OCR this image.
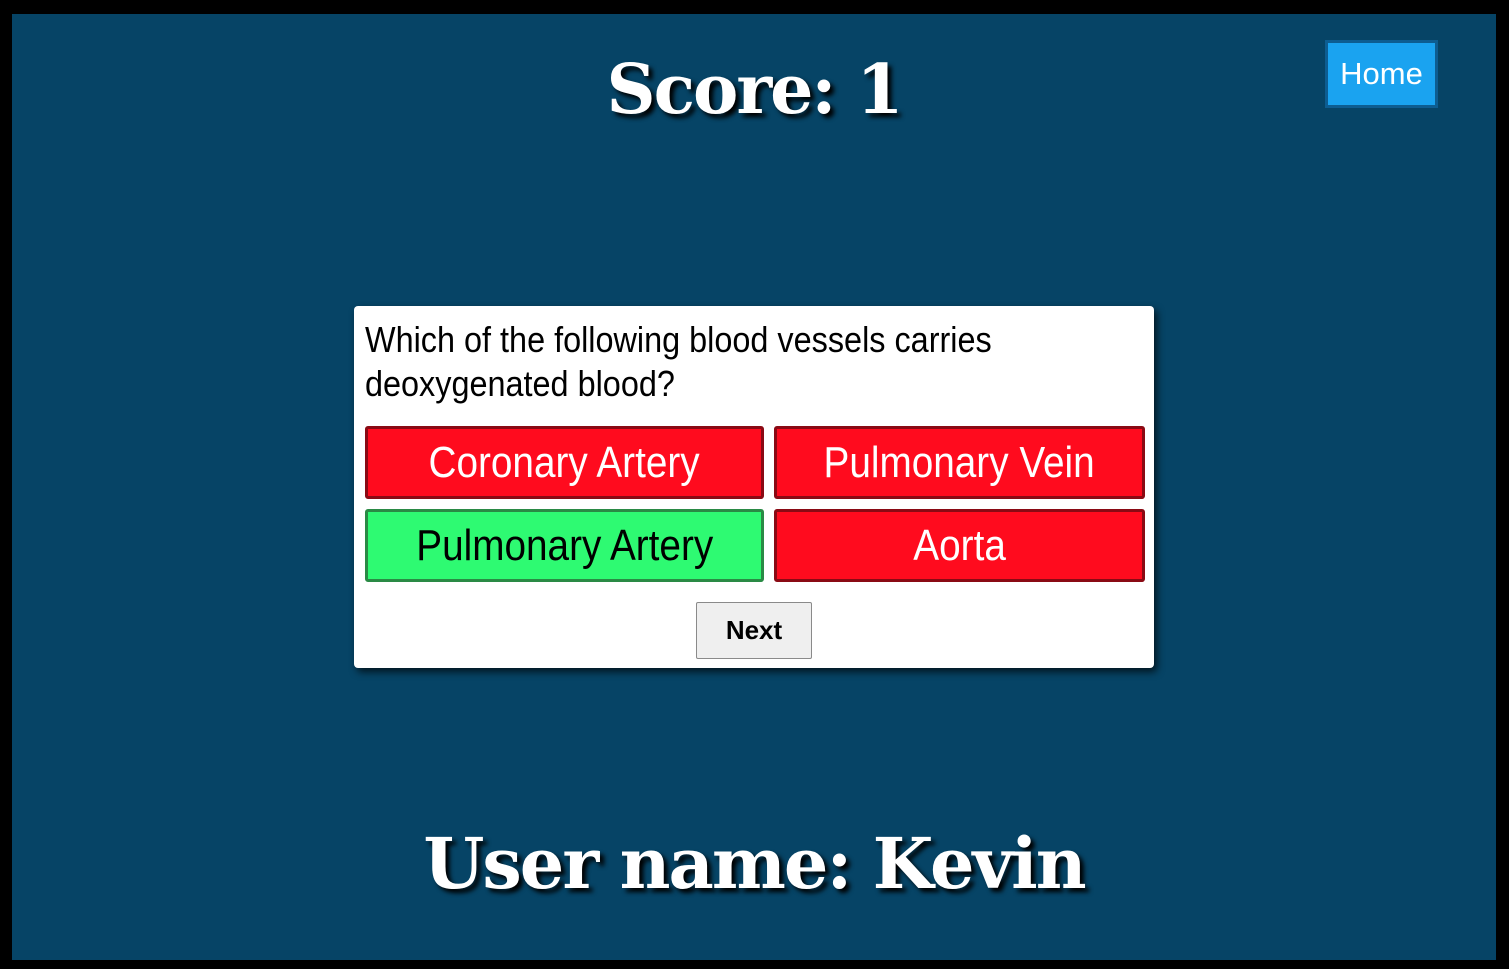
Score: 1	Home
Which of the following blood vessels carries deoxygenated blood?
Coronary Artery	Pulmonary Vein
Pulmonary Artery	Aorta
Next
User name: Kevin
